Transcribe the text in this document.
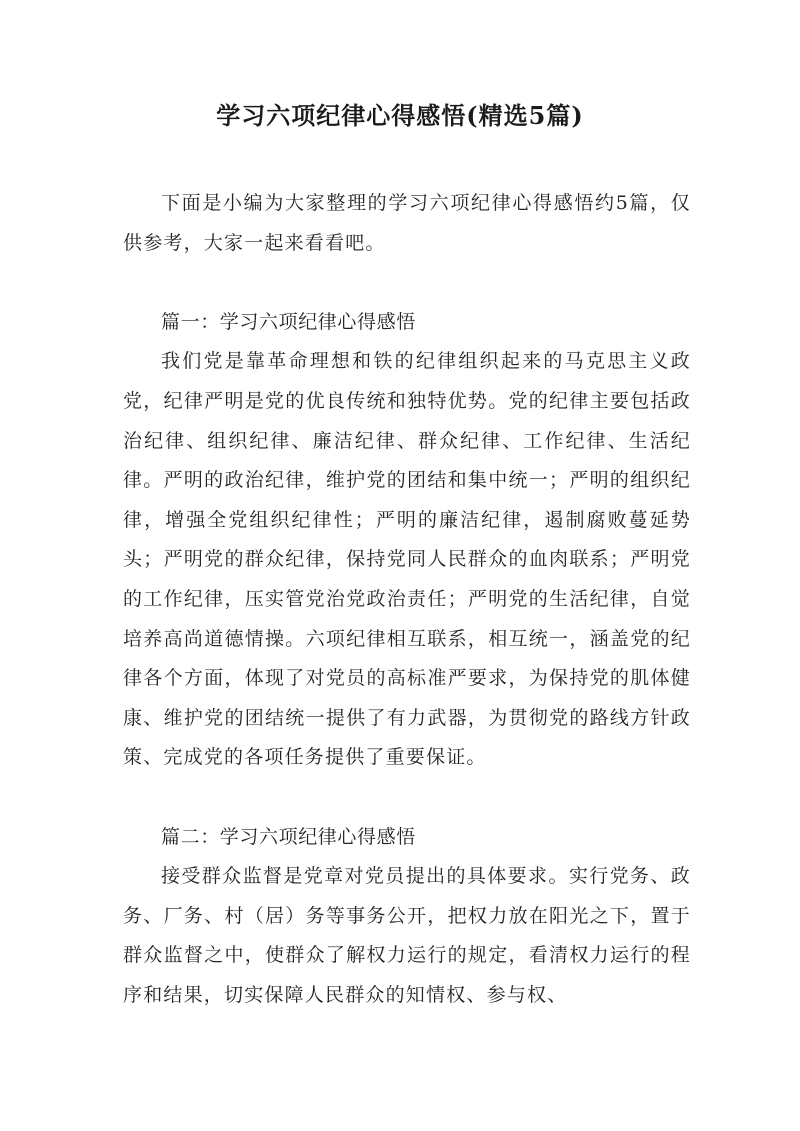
学习六项纪律心得感悟(精选5篇)

下面是小编为大家整理的学习六项纪律心得感悟约5篇，仅供参考，大家一起来看看吧。

篇一：学习六项纪律心得感悟

我们党是靠革命理想和铁的纪律组织起来的马克思主义政党，纪律严明是党的优良传统和独特优势。党的纪律主要包括政治纪律、组织纪律、廉洁纪律、群众纪律、工作纪律、生活纪律。严明的政治纪律，维护党的团结和集中统一；严明的组织纪律，增强全党组织纪律性；严明的廉洁纪律，遏制腐败蔓延势头；严明党的群众纪律，保持党同人民群众的血肉联系；严明党的工作纪律，压实管党治党政治责任；严明党的生活纪律，自觉培养高尚道德情操。六项纪律相互联系，相互统一，涵盖党的纪律各个方面，体现了对党员的高标准严要求，为保持党的肌体健康、维护党的团结统一提供了有力武器，为贯彻党的路线方针政策、完成党的各项任务提供了重要保证。

篇二：学习六项纪律心得感悟

接受群众监督是党章对党员提出的具体要求。实行党务、政务、厂务、村（居）务等事务公开，把权力放在阳光之下，置于群众监督之中，使群众了解权力运行的规定，看清权力运行的程序和结果，切实保障人民群众的知情权、参与权、
